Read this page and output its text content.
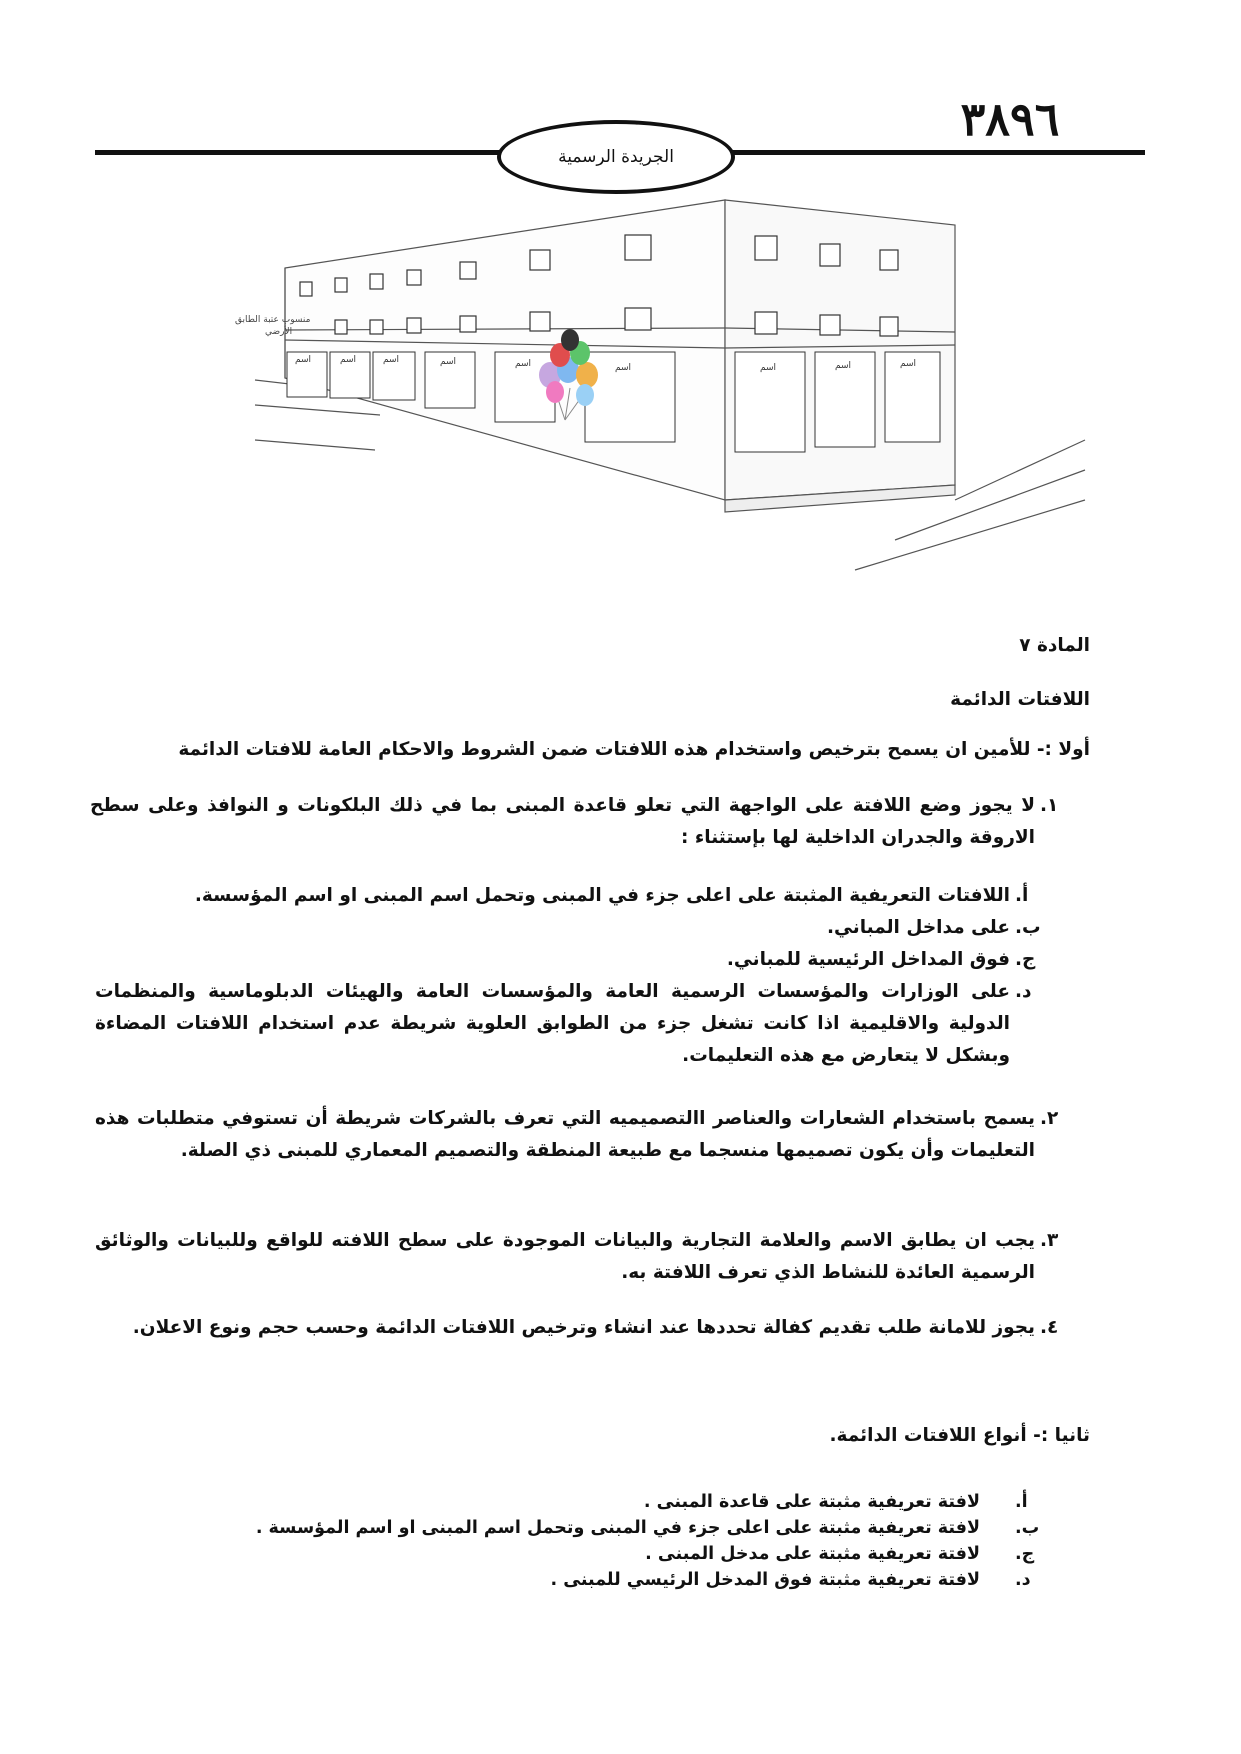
٣٨٩٦
الجريدة الرسمية
اسم	اسم	اسم	اسم	اسم	اسم	اسم	اسم	اسم
منسوب عتبة الطابق
الأرضي
المادة ٧
اللافتات الدائمة
أولا :- للأمين ان يسمح بترخيص واستخدام هذه اللافتات ضمن الشروط والاحكام العامة للافتات الدائمة
١.
لا يجوز وضع اللافتة على الواجهة التي تعلو قاعدة المبنى بما في ذلك البلكونات و النوافذ وعلى سطح الاروقة والجدران الداخلية لها بإستثناء :
أ.
اللافتات التعريفية المثبتة على اعلى جزء في المبنى وتحمل اسم المبنى او اسم المؤسسة.
ب.
على مداخل المباني.
ج.
فوق المداخل الرئيسية للمباني.
د.
على الوزارات والمؤسسات الرسمية العامة والمؤسسات العامة والهيئات الدبلوماسية والمنظمات الدولية والاقليمية اذا كانت تشغل جزء من الطوابق العلوية شريطة عدم استخدام اللافتات المضاءة وبشكل لا يتعارض مع هذه التعليمات.
٢.
يسمح باستخدام الشعارات والعناصر االتصميميه التي تعرف بالشركات شريطة أن تستوفي متطلبات هذه التعليمات وأن يكون تصميمها منسجما مع طبيعة المنطقة والتصميم المعماري للمبنى ذي الصلة.
٣.
يجب ان يطابق الاسم والعلامة التجارية والبيانات الموجودة على سطح اللافته للواقع وللبيانات والوثائق الرسمية العائدة للنشاط الذي تعرف اللافتة به.
٤.
يجوز للامانة طلب تقديم كفالة تحددها عند انشاء وترخيص اللافتات الدائمة وحسب حجم ونوع الاعلان.
ثانيا :- أنواع اللافتات الدائمة.
أ.
لافتة تعريفية مثبتة على قاعدة المبنى .
ب.
لافتة تعريفية مثبتة على اعلى جزء في المبنى وتحمل اسم المبنى او اسم المؤسسة .
ج.
لافتة تعريفية مثبتة على مدخل المبنى .
د.
لافتة تعريفية مثبتة فوق المدخل الرئيسي للمبنى .
